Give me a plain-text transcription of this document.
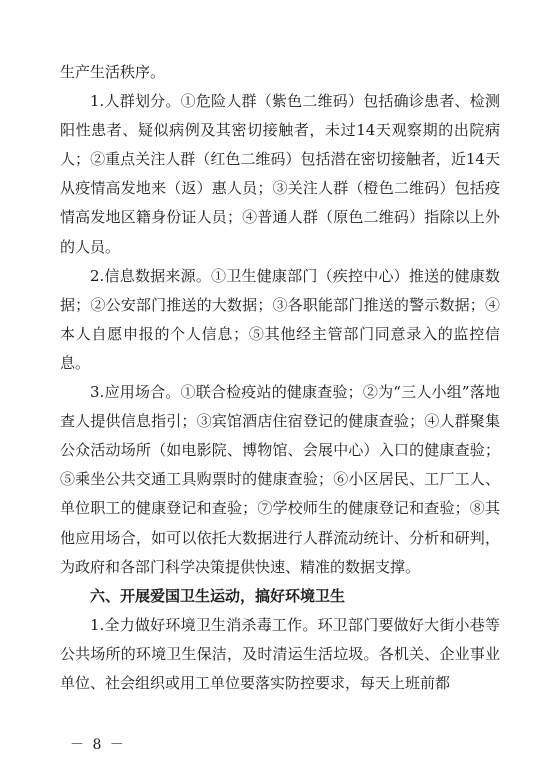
生产生活秩序。

1.人群划分。①危险人群（紫色二维码）包括确诊患者、检测阳性患者、疑似病例及其密切接触者，未过14天观察期的出院病人；②重点关注人群（红色二维码）包括潜在密切接触者，近14天从疫情高发地来（返）惠人员；③关注人群（橙色二维码）包括疫情高发地区籍身份证人员；④普通人群（原色二维码）指除以上外的人员。

2.信息数据来源。①卫生健康部门（疾控中心）推送的健康数据；②公安部门推送的大数据；③各职能部门推送的警示数据；④本人自愿申报的个人信息；⑤其他经主管部门同意录入的监控信息。

3.应用场合。①联合检疫站的健康查验；②为“三人小组”落地查人提供信息指引；③宾馆酒店住宿登记的健康查验；④人群聚集公众活动场所（如电影院、博物馆、会展中心）入口的健康查验；⑤乘坐公共交通工具购票时的健康查验；⑥小区居民、工厂工人、单位职工的健康登记和查验；⑦学校师生的健康登记和查验；⑧其他应用场合，如可以依托大数据进行人群流动统计、分析和研判，为政府和各部门科学决策提供快速、精准的数据支撑。

六、开展爱国卫生运动，搞好环境卫生

1.全力做好环境卫生消杀毒工作。环卫部门要做好大街小巷等公共场所的环境卫生保洁，及时清运生活垃圾。各机关、企业事业单位、社会组织或用工单位要落实防控要求，每天上班前都

－ 8 －
